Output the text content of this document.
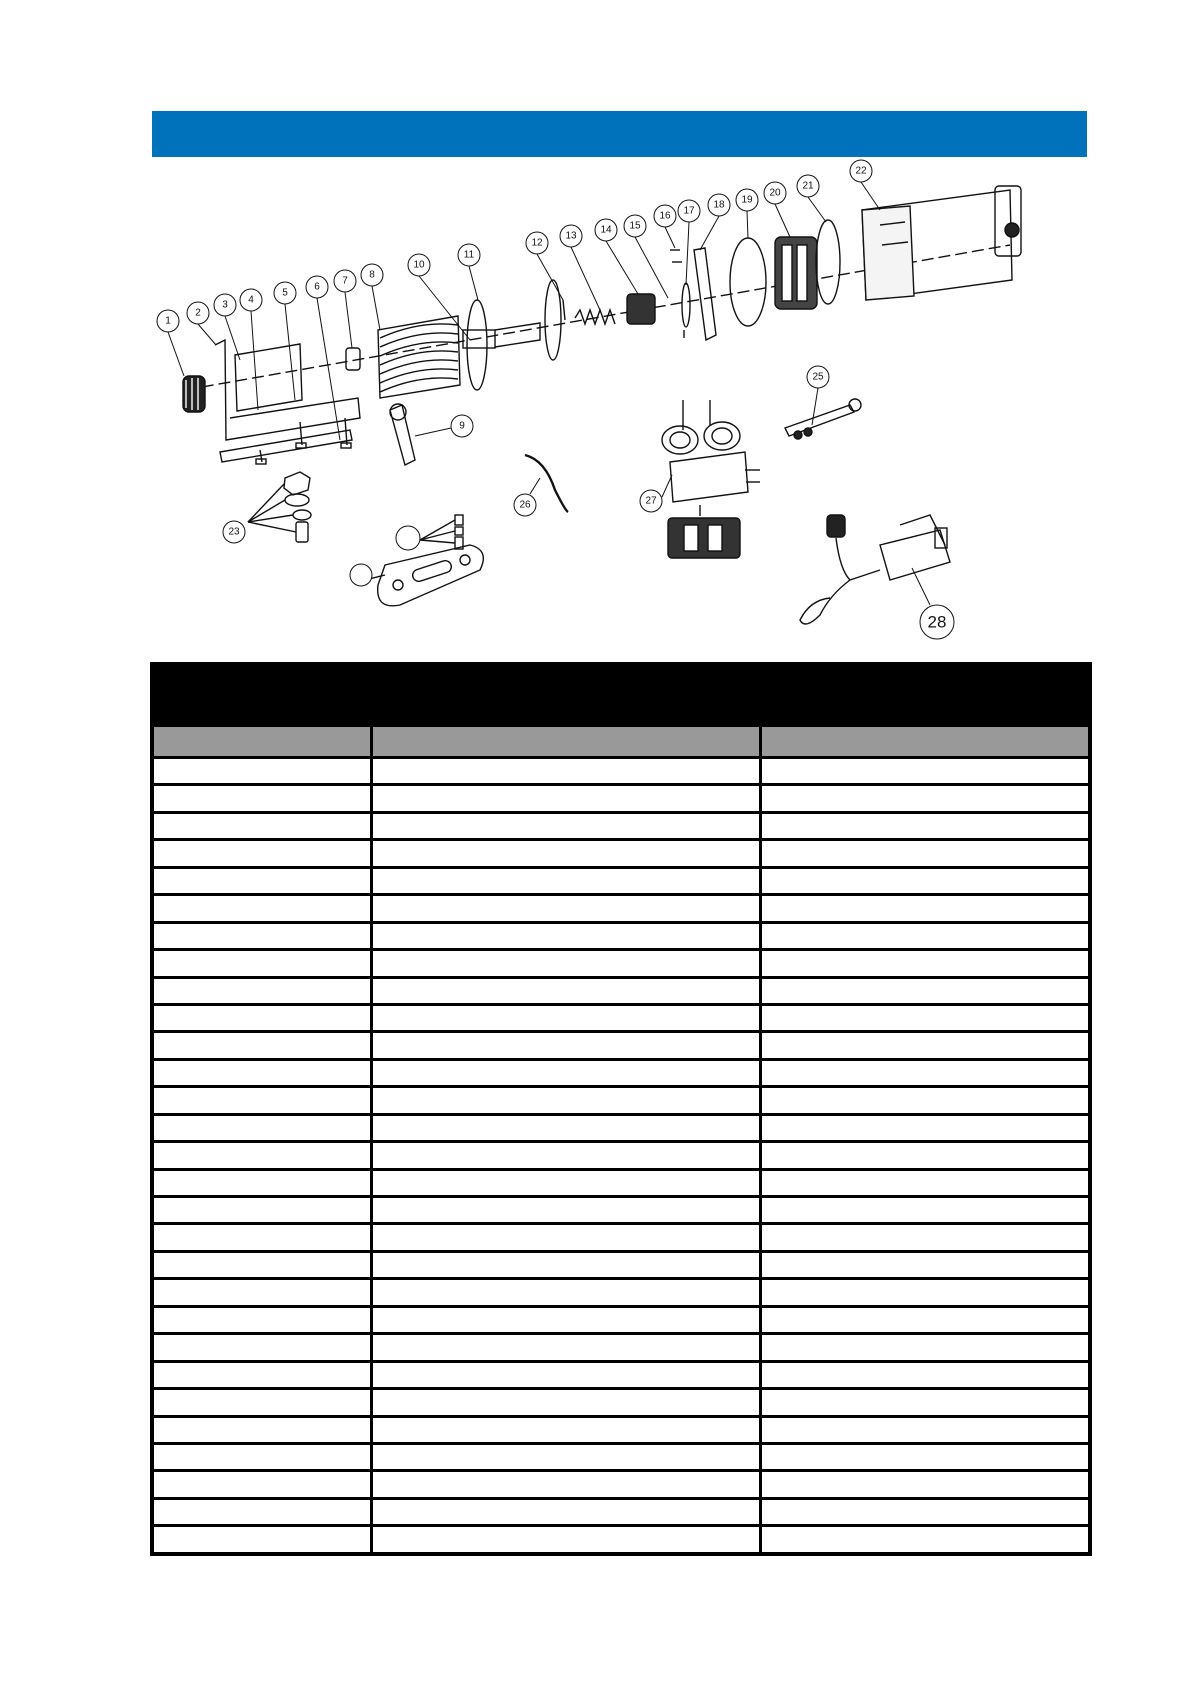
1
2
3 4
5
6
7
8
9
10
11
12
13
14 15
16 17
18 19
20
21
22
23
25
26	27
28
